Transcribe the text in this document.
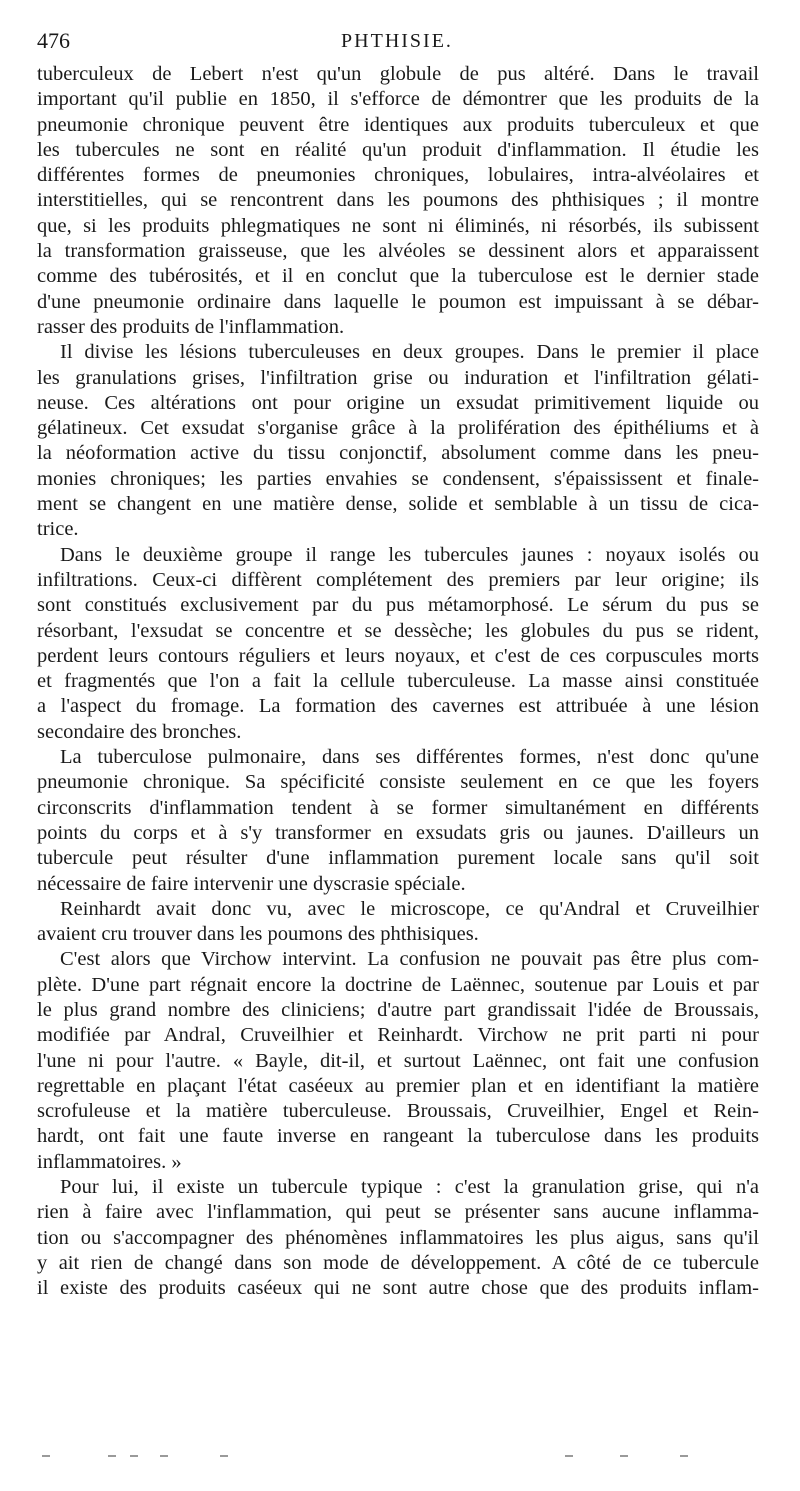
476	PHTHISIE.
tuberculeux de Lebert n'est qu'un globule de pus altéré. Dans le travail
important qu'il publie en 1850, il s'efforce de démontrer que les produits de la
pneumonie chronique peuvent être identiques aux produits tuberculeux et que
les tubercules ne sont en réalité qu'un produit d'inflammation. Il étudie les
différentes formes de pneumonies chroniques, lobulaires, intra-alvéolaires et
interstitielles, qui se rencontrent dans les poumons des phthisiques ; il montre
que, si les produits phlegmatiques ne sont ni éliminés, ni résorbés, ils subissent
la transformation graisseuse, que les alvéoles se dessinent alors et apparaissent
comme des tubérosités, et il en conclut que la tuberculose est le dernier stade
d'une pneumonie ordinaire dans laquelle le poumon est impuissant à se débar-
rasser des produits de l'inflammation.
Il divise les lésions tuberculeuses en deux groupes. Dans le premier il place
les granulations grises, l'infiltration grise ou induration et l'infiltration gélati-
neuse. Ces altérations ont pour origine un exsudat primitivement liquide ou
gélatineux. Cet exsudat s'organise grâce à la prolifération des épithéliums et à
la néoformation active du tissu conjonctif, absolument comme dans les pneu-
monies chroniques; les parties envahies se condensent, s'épaississent et finale-
ment se changent en une matière dense, solide et semblable à un tissu de cica-
trice.
Dans le deuxième groupe il range les tubercules jaunes : noyaux isolés ou
infiltrations. Ceux-ci diffèrent complétement des premiers par leur origine; ils
sont constitués exclusivement par du pus métamorphosé. Le sérum du pus se
résorbant, l'exsudat se concentre et se dessèche; les globules du pus se rident,
perdent leurs contours réguliers et leurs noyaux, et c'est de ces corpuscules morts
et fragmentés que l'on a fait la cellule tuberculeuse. La masse ainsi constituée
a l'aspect du fromage. La formation des cavernes est attribuée à une lésion
secondaire des bronches.
La tuberculose pulmonaire, dans ses différentes formes, n'est donc qu'une
pneumonie chronique. Sa spécificité consiste seulement en ce que les foyers
circonscrits d'inflammation tendent à se former simultanément en différents
points du corps et à s'y transformer en exsudats gris ou jaunes. D'ailleurs un
tubercule peut résulter d'une inflammation purement locale sans qu'il soit
nécessaire de faire intervenir une dyscrasie spéciale.
Reinhardt avait donc vu, avec le microscope, ce qu'Andral et Cruveilhier
avaient cru trouver dans les poumons des phthisiques.
C'est alors que Virchow intervint. La confusion ne pouvait pas être plus com-
plète. D'une part régnait encore la doctrine de Laënnec, soutenue par Louis et par
le plus grand nombre des cliniciens; d'autre part grandissait l'idée de Broussais,
modifiée par Andral, Cruveilhier et Reinhardt. Virchow ne prit parti ni pour
l'une ni pour l'autre. « Bayle, dit-il, et surtout Laënnec, ont fait une confusion
regrettable en plaçant l'état caséeux au premier plan et en identifiant la matière
scrofuleuse et la matière tuberculeuse. Broussais, Cruveilhier, Engel et Rein-
hardt, ont fait une faute inverse en rangeant la tuberculose dans les produits
inflammatoires. »
Pour lui, il existe un tubercule typique : c'est la granulation grise, qui n'a
rien à faire avec l'inflammation, qui peut se présenter sans aucune inflamma-
tion ou s'accompagner des phénomènes inflammatoires les plus aigus, sans qu'il
y ait rien de changé dans son mode de développement. A côté de ce tubercule
il existe des produits caséeux qui ne sont autre chose que des produits inflam-
